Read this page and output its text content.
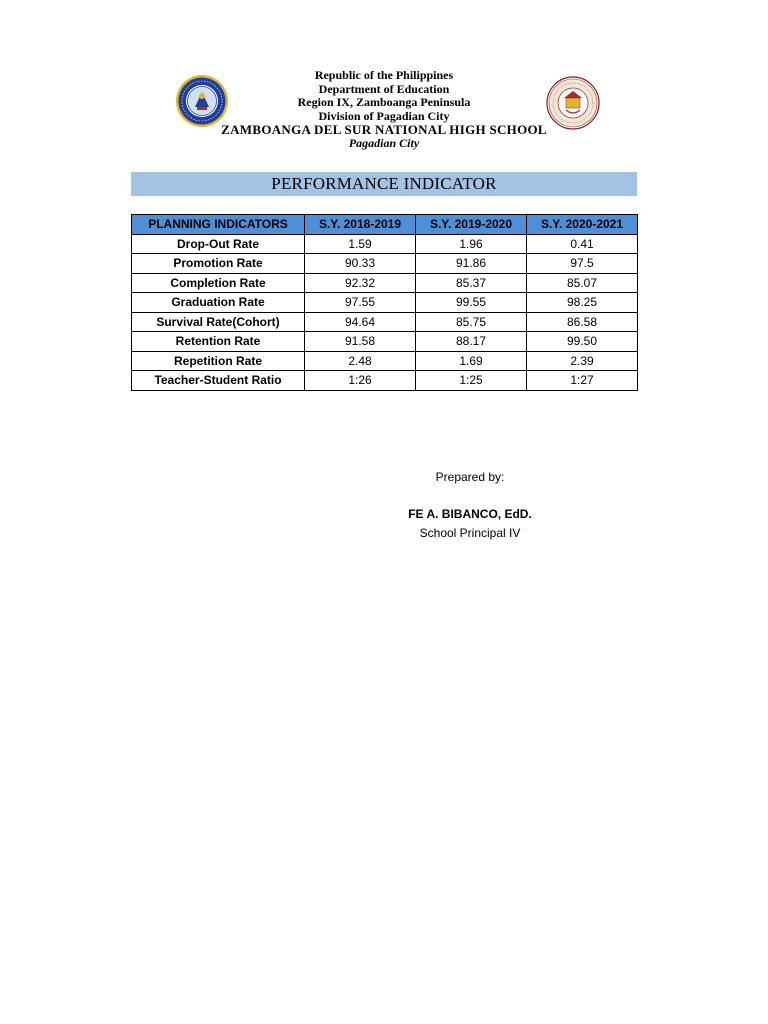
Republic of the Philippines
Department of Education
Region IX, Zamboanga Peninsula
Division of Pagadian City
ZAMBOANGA DEL SUR NATIONAL HIGH SCHOOL
Pagadian City
PERFORMANCE INDICATOR
PLANNING INDICATORS	S.Y. 2018-2019	S.Y. 2019-2020	S.Y. 2020-2021
Drop-Out Rate	1.59	1.96	0.41
Promotion Rate	90.33	91.86	97.5
Completion Rate	92.32	85.37	85.07
Graduation Rate	97.55	99.55	98.25
Survival Rate(Cohort)	94.64	85.75	86.58
Retention Rate	91.58	88.17	99.50
Repetition Rate	2.48	1.69	2.39
Teacher-Student Ratio	1:26	1:25	1:27
Prepared by:
FE A. BIBANCO, EdD.
School Principal IV
